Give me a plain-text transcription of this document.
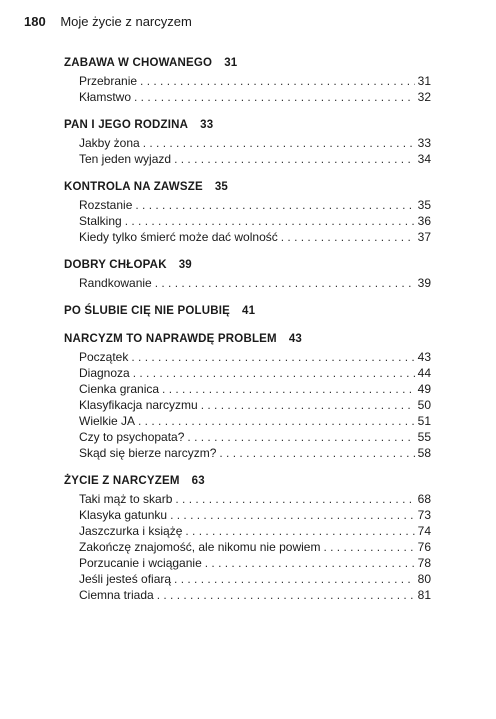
180 Moje życie z narcyzem
ZABAWA W CHOWANEGO 31
Przebranie . . .	31
Kłamstwo . . .	32
PAN I JEGO RODZINA 33
Jakby żona . . .	33
Ten jeden wyjazd . . .	34
KONTROLA NA ZAWSZE 35
Rozstanie . . .	35
Stalking . . .	36
Kiedy tylko śmierć może dać wolność . . .	37
DOBRY CHŁOPAK 39
Randkowanie . . .	39
PO ŚLUBIE CIĘ NIE POLUBIĘ 41
NARCYZM TO NAPRAWDĘ PROBLEM 43
Początek . . .	43
Diagnoza . . .	44
Cienka granica . . .	49
Klasyfikacja narcyzmu . . .	50
Wielkie JA . . .	51
Czy to psychopata? . . .	55
Skąd się bierze narcyzm? . . .	58
ŻYCIE Z NARCYZEM 63
Taki mąż to skarb . . .	68
Klasyka gatunku . . .	73
Jaszczurka i książę . . .	74
Zakończę znajomość, ale nikomu nie powiem . . .	76
Porzucanie i wciąganie . . .	78
Jeśli jesteś ofiarą . . .	80
Ciemna triada . . .	81
